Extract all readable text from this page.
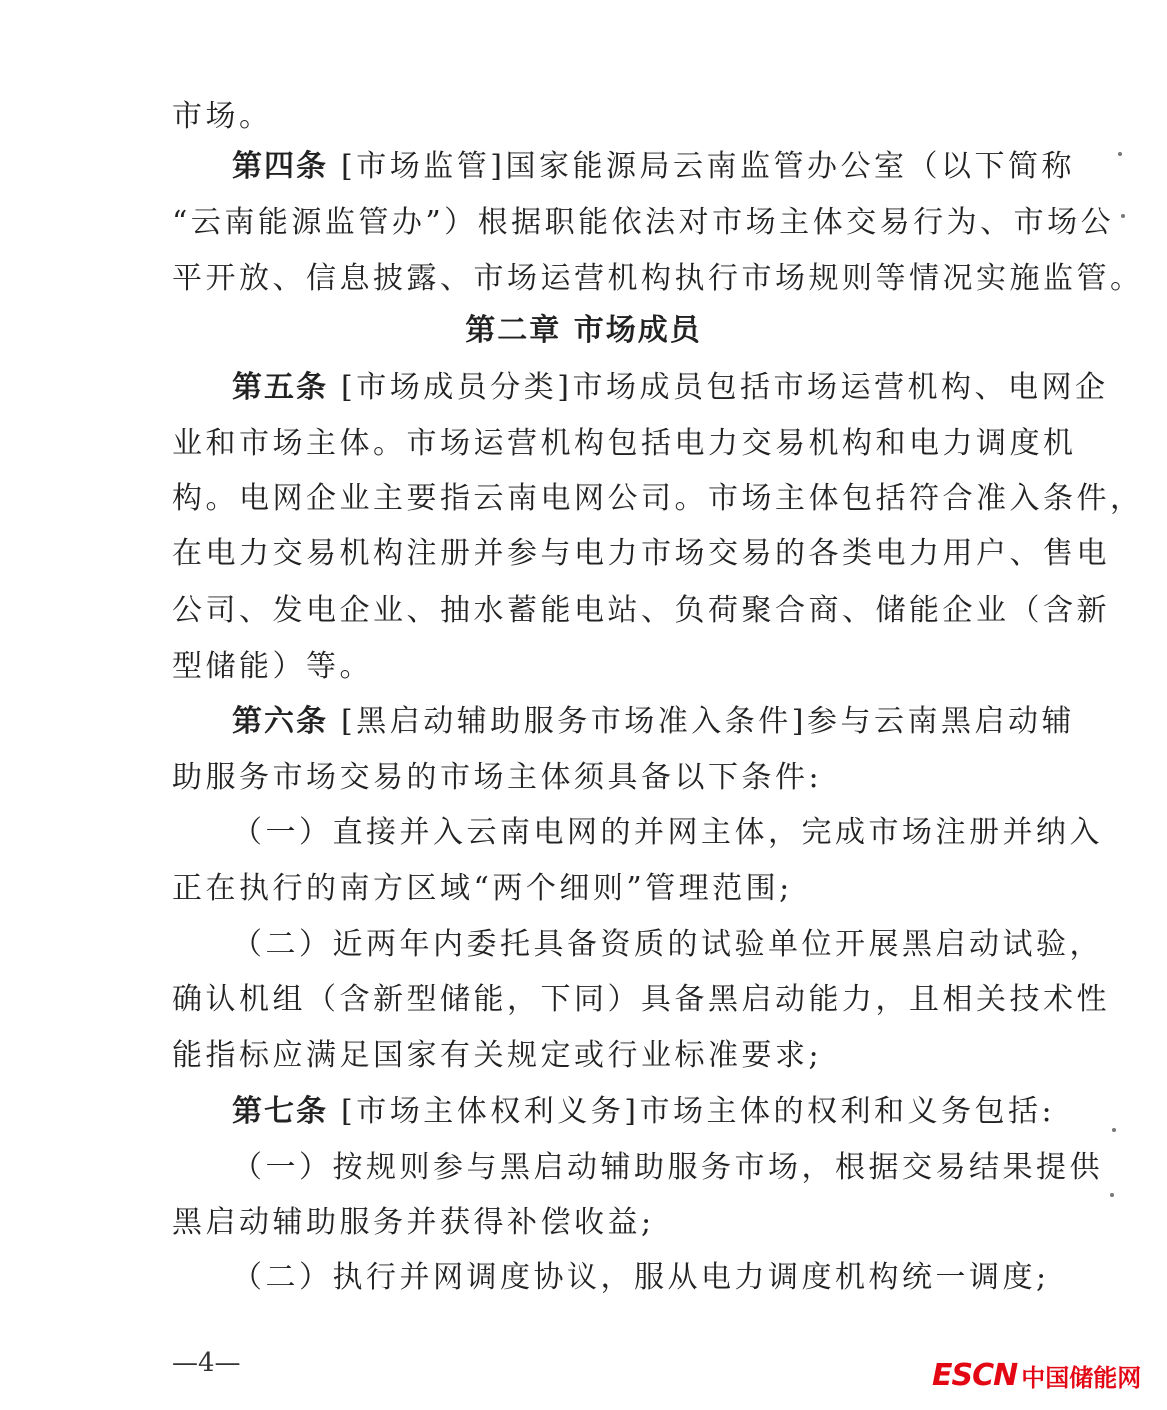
市场。
第四条 [市场监管]国家能源局云南监管办公室（以下简称
“云南能源监管办”）根据职能依法对市场主体交易行为、市场公
平开放、信息披露、市场运营机构执行市场规则等情况实施监管。
第二章 市场成员
第五条 [市场成员分类]市场成员包括市场运营机构、电网企
业和市场主体。市场运营机构包括电力交易机构和电力调度机
构。电网企业主要指云南电网公司。市场主体包括符合准入条件，
在电力交易机构注册并参与电力市场交易的各类电力用户、售电
公司、发电企业、抽水蓄能电站、负荷聚合商、储能企业（含新
型储能）等。
第六条 [黑启动辅助服务市场准入条件]参与云南黑启动辅
助服务市场交易的市场主体须具备以下条件:
（一）直接并入云南电网的并网主体，完成市场注册并纳入
正在执行的南方区域“两个细则”管理范围;
（二）近两年内委托具备资质的试验单位开展黑启动试验，
确认机组（含新型储能，下同）具备黑启动能力，且相关技术性
能指标应满足国家有关规定或行业标准要求;
第七条 [市场主体权利义务]市场主体的权利和义务包括:
（一）按规则参与黑启动辅助服务市场，根据交易结果提供
黑启动辅助服务并获得补偿收益;
（二）执行并网调度协议，服从电力调度机构统一调度;
—4—	ESCN 中国储能网
